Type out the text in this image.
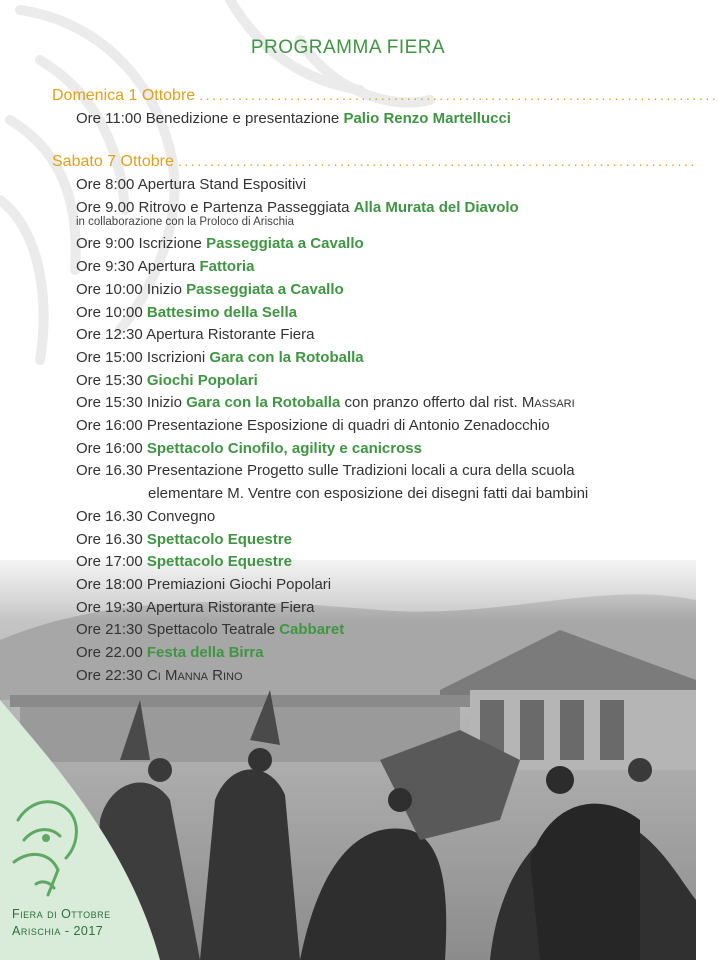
PROGRAMMA FIERA
Domenica 1 Ottobre ................................................................................
Ore 11:00 Benedizione e presentazione Palio Renzo Martellucci
Sabato 7 Ottobre ................................................................................
Ore 8:00 Apertura Stand Espositivi
Ore 9.00 Ritrovo e Partenza Passeggiata Alla Murata del Diavolo
in collaborazione con la Proloco di Arischia
Ore 9:00 Iscrizione Passeggiata a Cavallo
Ore 9:30 Apertura Fattoria
Ore 10:00 Inizio Passeggiata a Cavallo
Ore 10:00 Battesimo della Sella
Ore 12:30 Apertura Ristorante Fiera
Ore 15:00 Iscrizioni Gara con la Rotoballa
Ore 15:30 Giochi Popolari
Ore 15:30 Inizio Gara con la Rotoballa con pranzo offerto dal rist. Massari
Ore 16:00 Presentazione Esposizione di quadri di Antonio Zenadocchio
Ore 16:00 Spettacolo Cinofilo, agility e canicross
Ore 16.30 Presentazione Progetto sulle Tradizioni locali a cura della scuola
elementare M. Ventre con esposizione dei disegni fatti dai bambini
Ore 16.30 Convegno
Ore 16.30 Spettacolo Equestre
Ore 17:00 Spettacolo Equestre
Ore 18:00 Premiazioni Giochi Popolari
Ore 19:30 Apertura Ristorante Fiera
Ore 21:30 Spettacolo Teatrale Cabbaret
Ore 22.00 Festa della Birra
Ore 22:30 Ci Manna Rino
Fiera di Ottobre
Arischia - 2017
